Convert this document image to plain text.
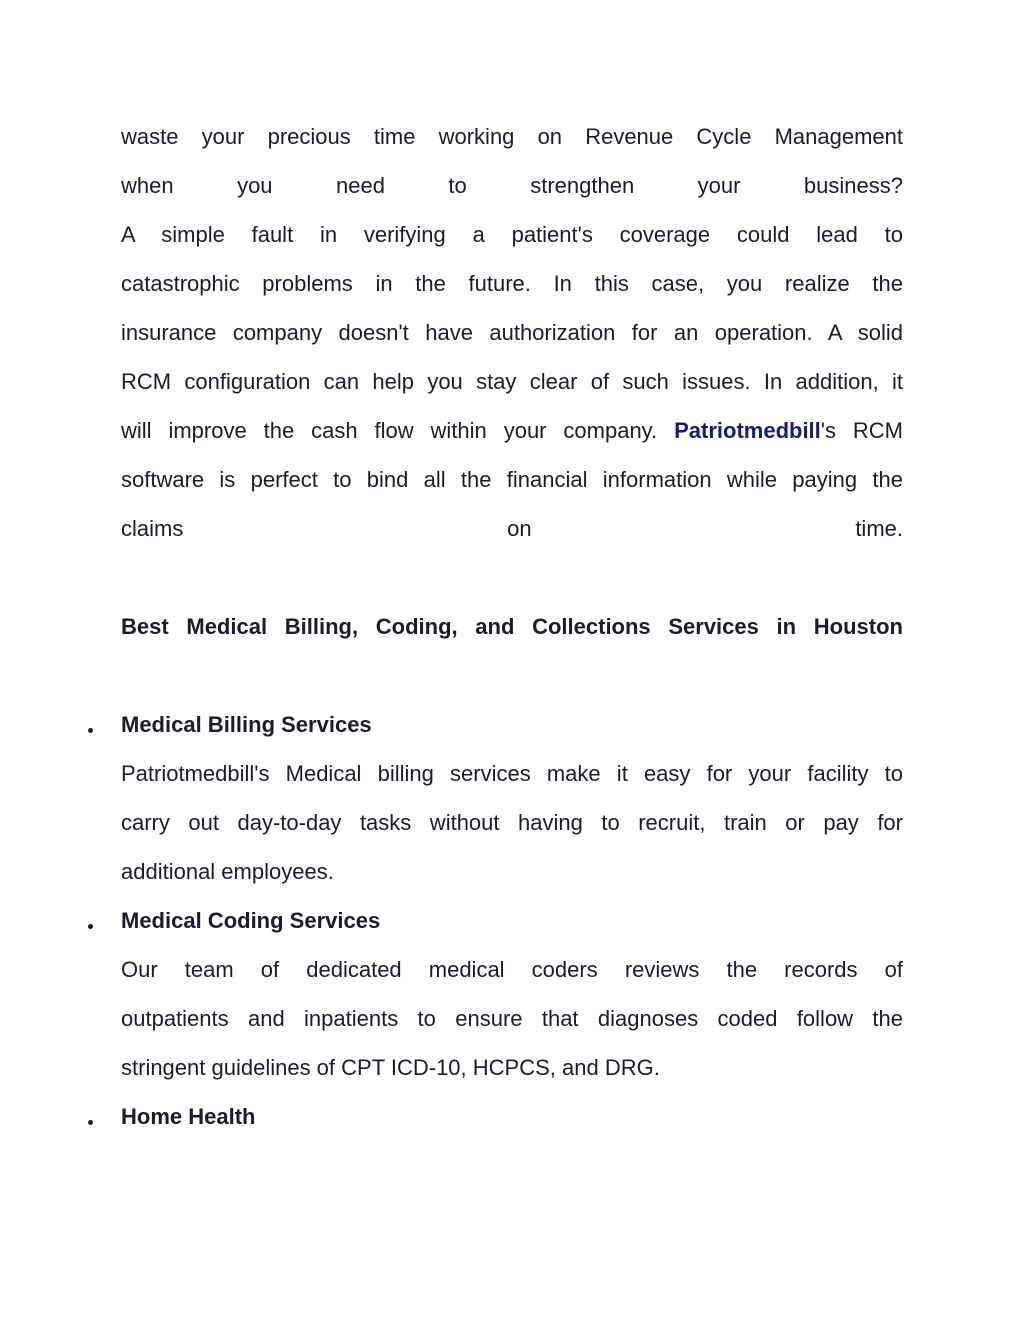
waste your precious time working on Revenue Cycle Management
when you need to strengthen your business?
A simple fault in verifying a patient's coverage could lead to
catastrophic problems in the future. In this case, you realize the
insurance company doesn't have authorization for an operation. A solid
RCM configuration can help you stay clear of such issues. In addition, it
will improve the cash flow within your company. Patriotmedbill's RCM
software is perfect to bind all the financial information while paying the
claims on time.
Best Medical Billing, Coding, and Collections Services in Houston
Medical Billing Services
Patriotmedbill's Medical billing services make it easy for your facility to
carry out day-to-day tasks without having to recruit, train or pay for
additional employees.
Medical Coding Services
Our team of dedicated medical coders reviews the records of
outpatients and inpatients to ensure that diagnoses coded follow the
stringent guidelines of CPT ICD-10, HCPCS, and DRG.
Home Health
